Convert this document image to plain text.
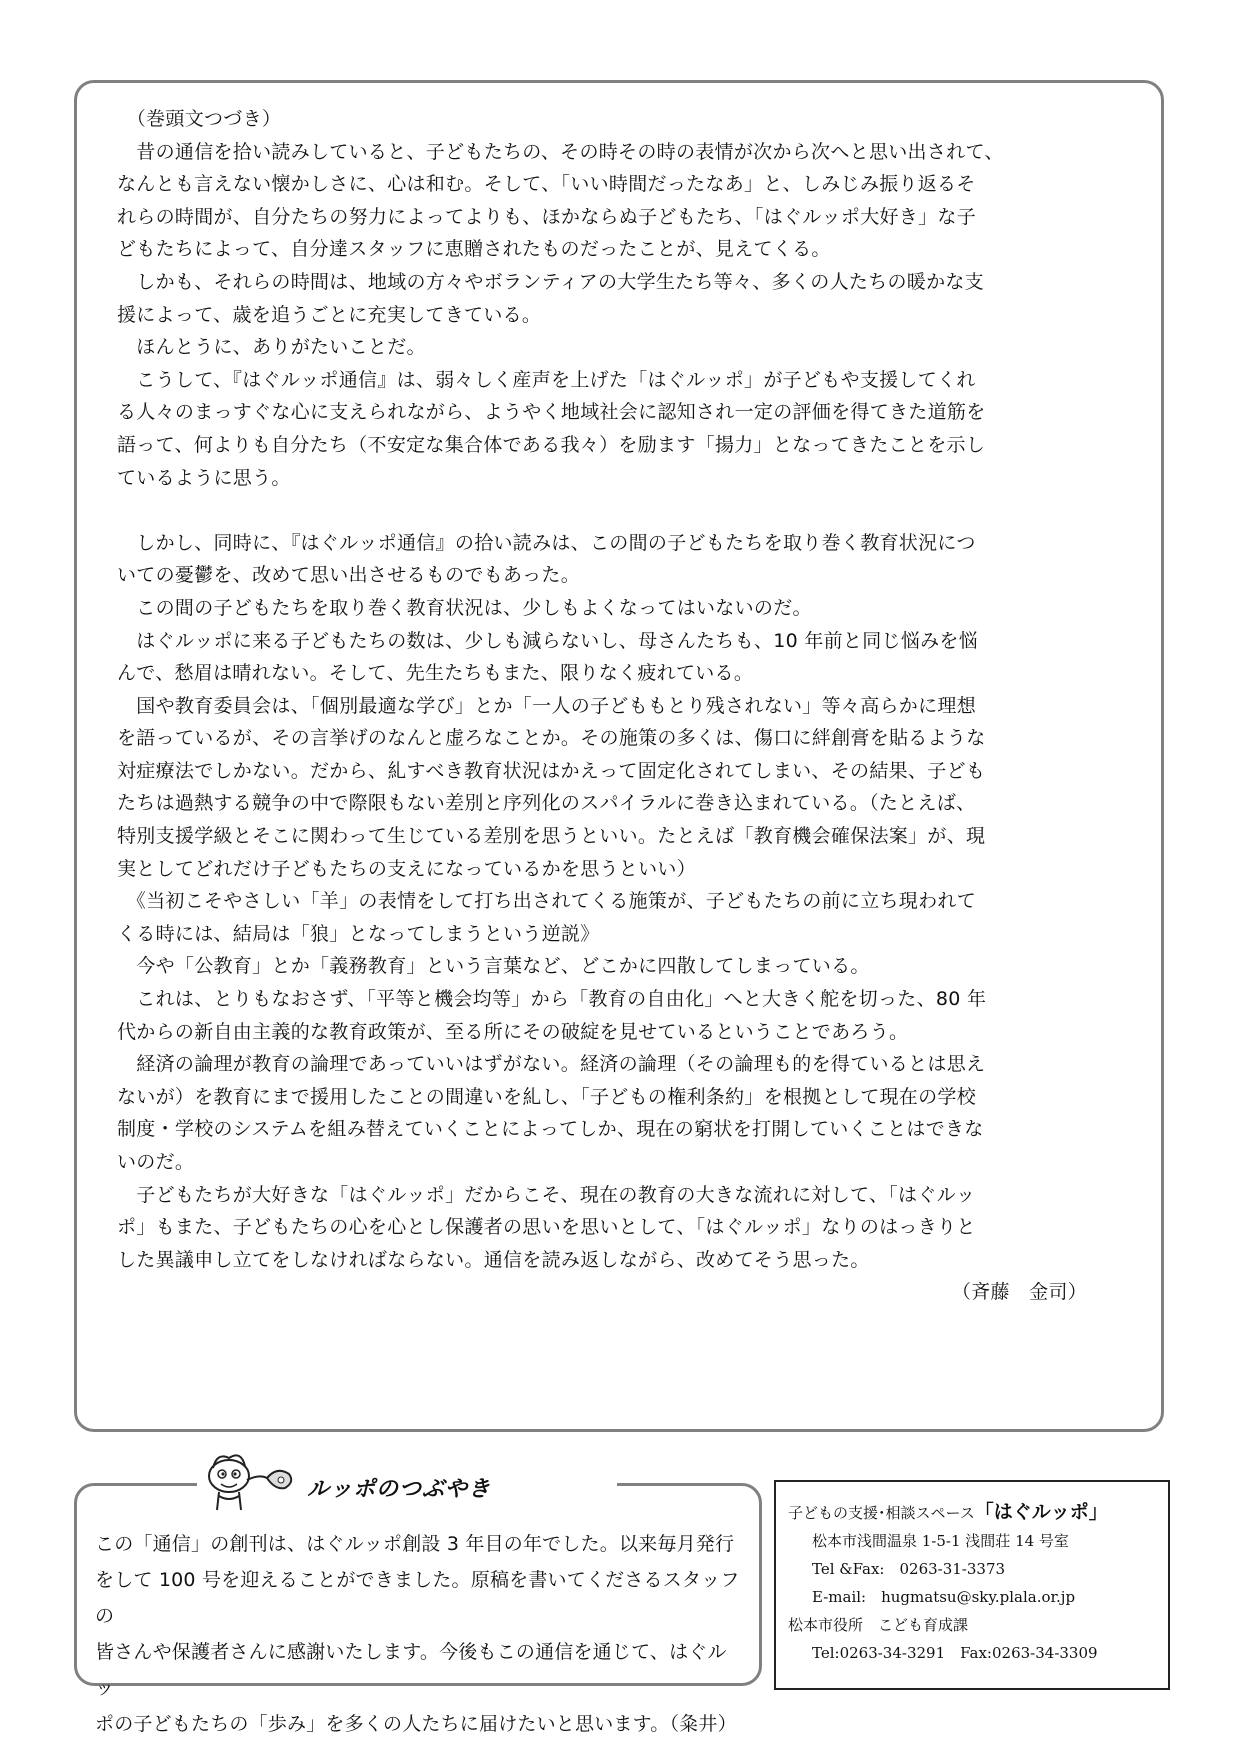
　（巻頭文つづき）

　昔の通信を拾い読みしていると、子どもたちの、その時その時の表情が次から次へと思い出されて、

なんとも言えない懐かしさに、心は和む。そして、「いい時間だったなあ」と、しみじみ振り返るそ

れらの時間が、自分たちの努力によってよりも、ほかならぬ子どもたち、「はぐルッポ大好き」な子

どもたちによって、自分達スタッフに恵贈されたものだったことが、見えてくる。

　しかも、それらの時間は、地域の方々やボランティアの大学生たち等々、多くの人たちの暖かな支

援によって、歳を追うごとに充実してきている。

　ほんとうに、ありがたいことだ。

　こうして、『はぐルッポ通信』は、弱々しく産声を上げた「はぐルッポ」が子どもや支援してくれ

る人々のまっすぐな心に支えられながら、ようやく地域社会に認知され一定の評価を得てきた道筋を

語って、何よりも自分たち（不安定な集合体である我々）を励ます「揚力」となってきたことを示し

ているように思う。

　しかし、同時に、『はぐルッポ通信』の拾い読みは、この間の子どもたちを取り巻く教育状況につ

いての憂鬱を、改めて思い出させるものでもあった。

　この間の子どもたちを取り巻く教育状況は、少しもよくなってはいないのだ。

　はぐルッポに来る子どもたちの数は、少しも減らないし、母さんたちも、10 年前と同じ悩みを悩

んで、愁眉は晴れない。そして、先生たちもまた、限りなく疲れている。

　国や教育委員会は、「個別最適な学び」とか「一人の子どももとり残されない」等々高らかに理想

を語っているが、その言挙げのなんと虚ろなことか。その施策の多くは、傷口に絆創膏を貼るような

対症療法でしかない。だから、糺すべき教育状況はかえって固定化されてしまい、その結果、子ども

たちは過熱する競争の中で際限もない差別と序列化のスパイラルに巻き込まれている。（たとえば、

特別支援学級とそこに関わって生じている差別を思うといい。たとえば「教育機会確保法案」が、現

実としてどれだけ子どもたちの支えになっているかを思うといい）

　《当初こそやさしい「羊」の表情をして打ち出されてくる施策が、子どもたちの前に立ち現われて

くる時には、結局は「狼」となってしまうという逆説》

　今や「公教育」とか「義務教育」という言葉など、どこかに四散してしまっている。

　これは、とりもなおさず、「平等と機会均等」から「教育の自由化」へと大きく舵を切った、80 年

代からの新自由主義的な教育政策が、至る所にその破綻を見せているということであろう。

　経済の論理が教育の論理であっていいはずがない。経済の論理（その論理も的を得ているとは思え

ないが）を教育にまで援用したことの間違いを糺し、「子どもの権利条約」を根拠として現在の学校

制度・学校のシステムを組み替えていくことによってしか、現在の窮状を打開していくことはできな

いのだ。

　子どもたちが大好きな「はぐルッポ」だからこそ、現在の教育の大きな流れに対して、「はぐルッ

ポ」もまた、子どもたちの心を心とし保護者の思いを思いとして、「はぐルッポ」なりのはっきりと

した異議申し立てをしなければならない。通信を読み返しながら、改めてそう思った。

（斉藤　金司）

ルッポのつぶやき

この「通信」の創刊は、はぐルッポ創設 3 年目の年でした。以来毎月発行

をして 100 号を迎えることができました。原稿を書いてくださるスタッフの

皆さんや保護者さんに感謝いたします。今後もこの通信を通じて、はぐルッ

ポの子どもたちの「歩み」を多くの人たちに届けたいと思います。（粂井）

子どもの支援･相談スペース「はぐルッポ」
松本市浅間温泉 1-5-1 浅間荘 14 号室
Tel &Fax:　0263-31-3373
E-mail:　hugmatsu@sky.plala.or.jp
松本市役所　こども育成課
Tel:0263-34-3291　Fax:0263-34-3309
